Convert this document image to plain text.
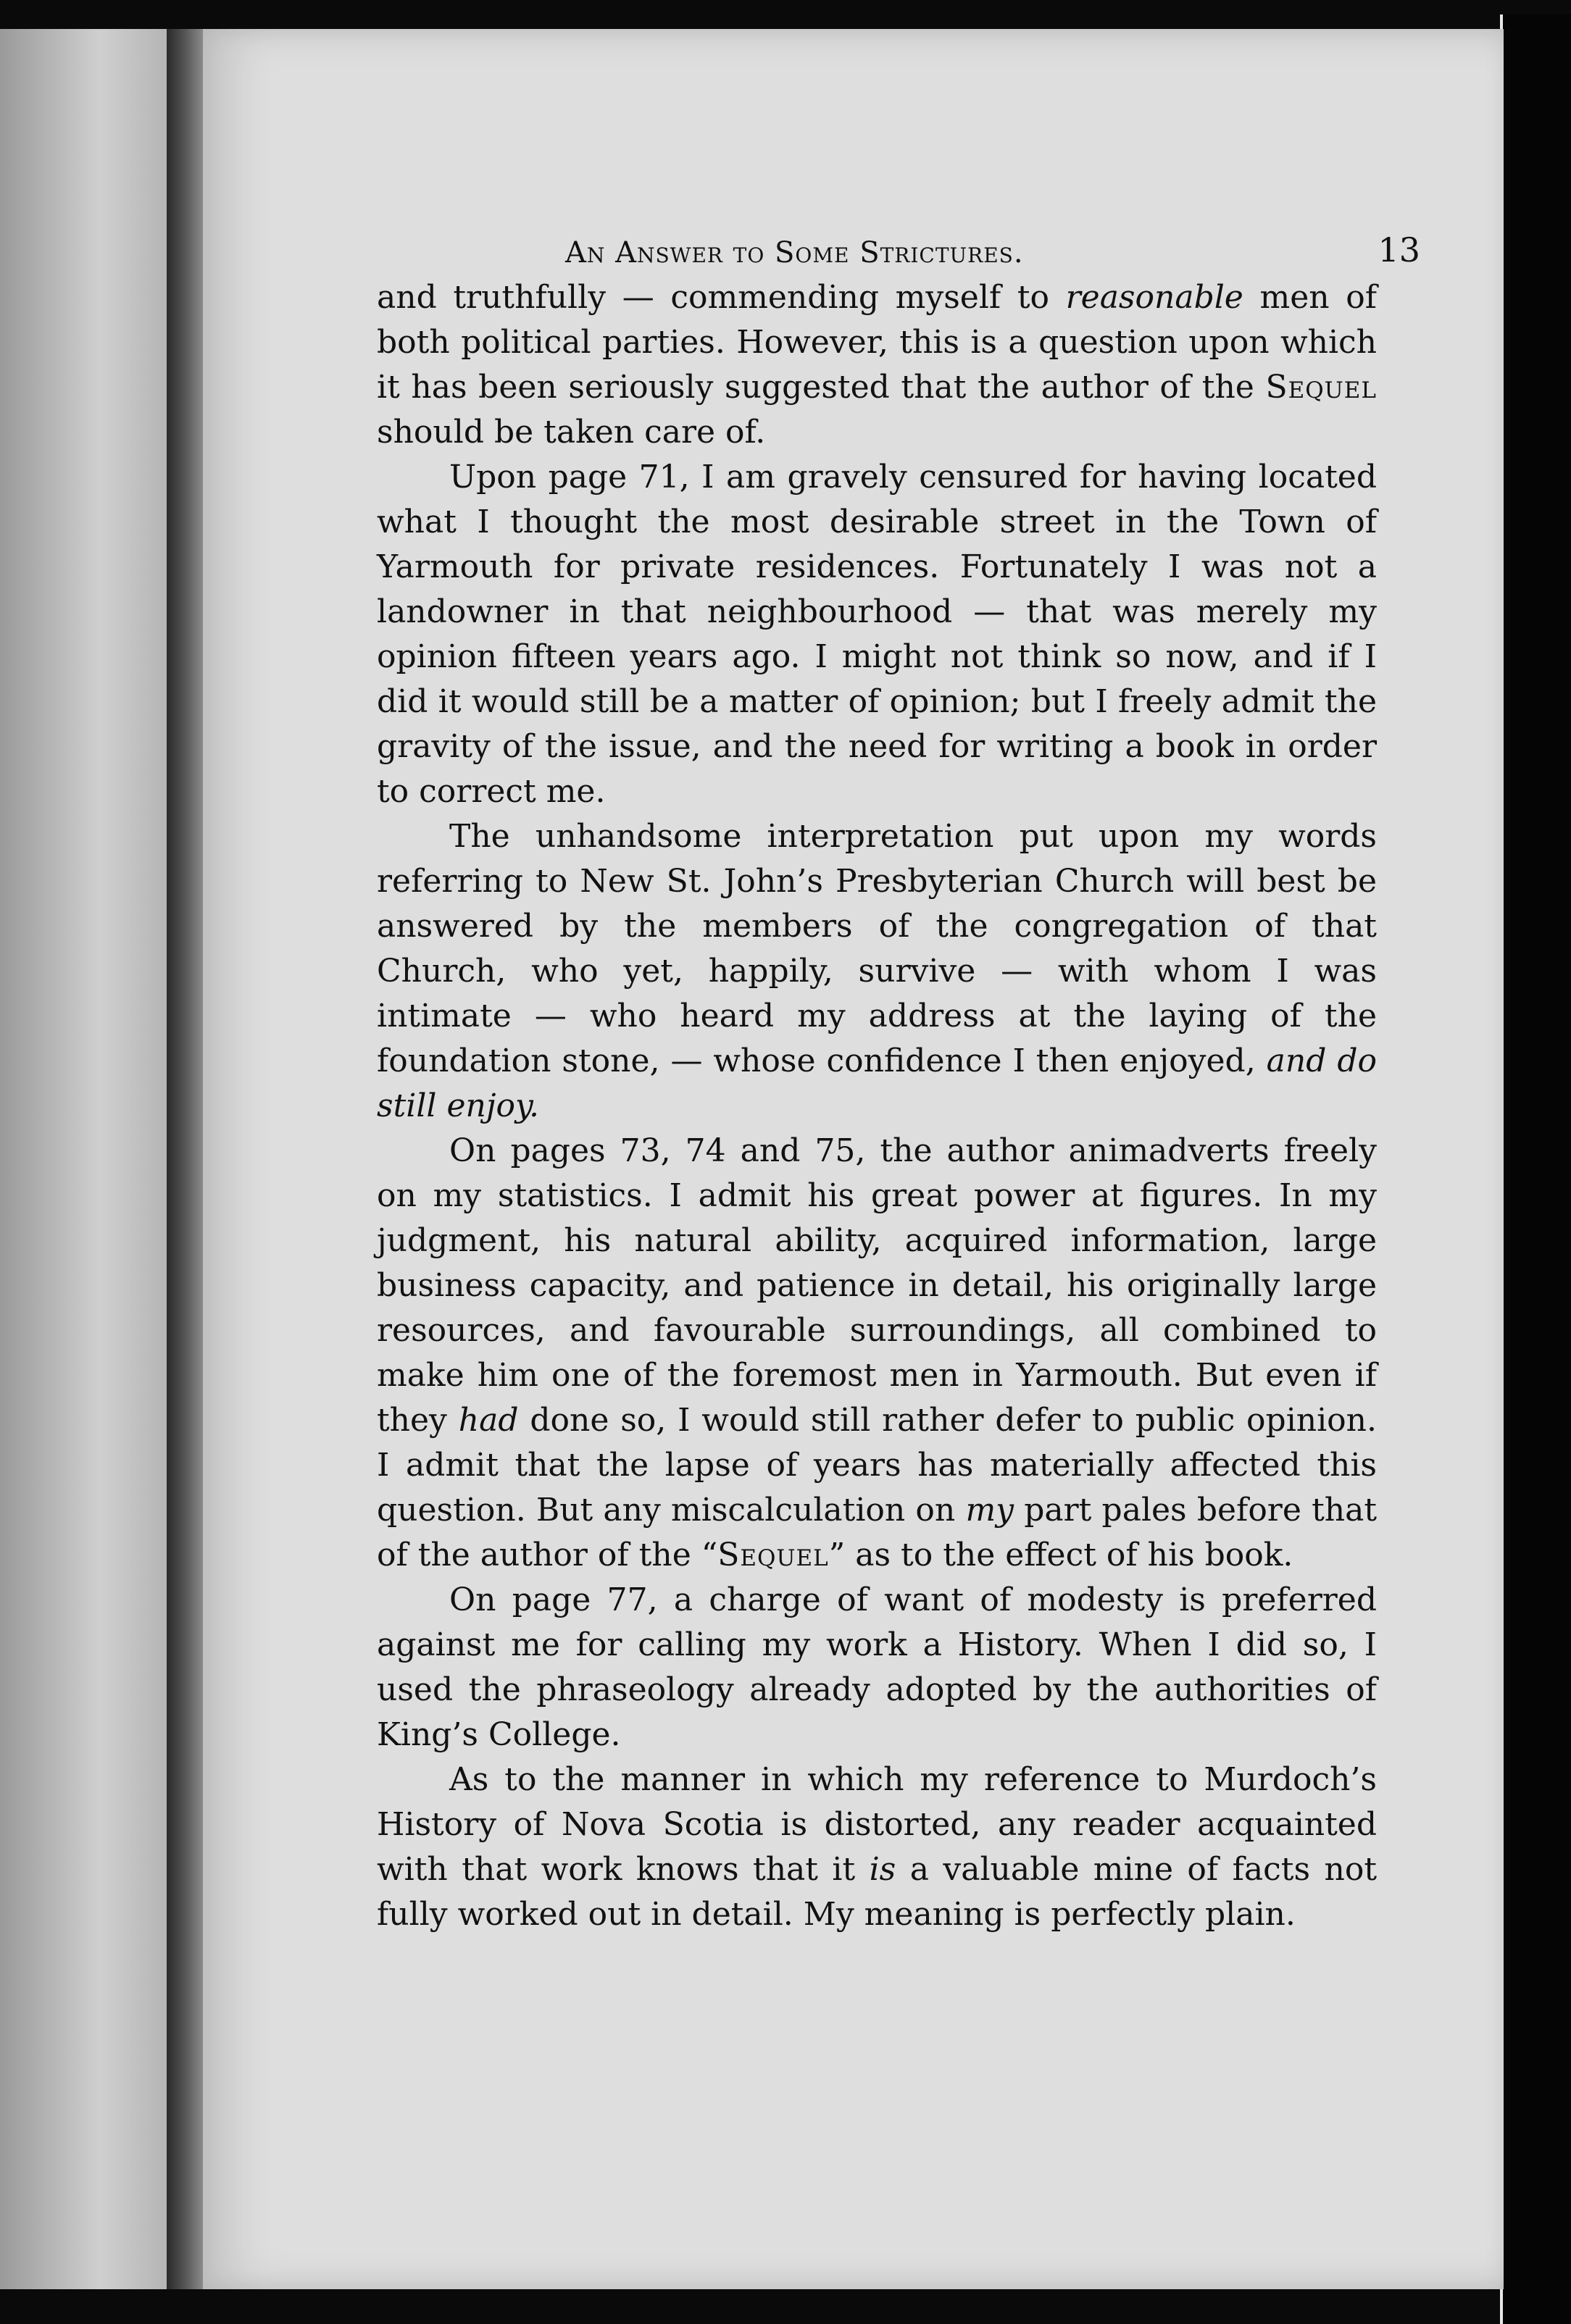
An Answer to Some Strictures.	13

and truthfully — commending myself to reasonable men of both political parties. However, this is a question upon which it has been seriously suggested that the author of the Sequel should be taken care of.

Upon page 71, I am gravely censured for having located what I thought the most desirable street in the Town of Yarmouth for private residences. Fortunately I was not a landowner in that neighbourhood — that was merely my opinion fifteen years ago. I might not think so now, and if I did it would still be a matter of opinion; but I freely admit the gravity of the issue, and the need for writing a book in order to correct me.

The unhandsome interpretation put upon my words referring to New St. John’s Presbyterian Church will best be answered by the members of the congregation of that Church, who yet, happily, survive — with whom I was intimate — who heard my address at the laying of the foundation stone, — whose confidence I then enjoyed, and do still enjoy.

On pages 73, 74 and 75, the author animadverts freely on my statistics. I admit his great power at figures. In my judgment, his natural ability, acquired information, large business capacity, and patience in detail, his originally large resources, and favourable surroundings, all combined to make him one of the foremost men in Yarmouth. But even if they had done so, I would still rather defer to public opinion. I admit that the lapse of years has materially affected this question. But any miscalculation on my part pales before that of the author of the “Sequel” as to the effect of his book.

On page 77, a charge of want of modesty is preferred against me for calling my work a History. When I did so, I used the phraseology already adopted by the authorities of King’s College.

As to the manner in which my reference to Murdoch’s History of Nova Scotia is distorted, any reader acquainted with that work knows that it is a valuable mine of facts not fully worked out in detail. My meaning is perfectly plain.
